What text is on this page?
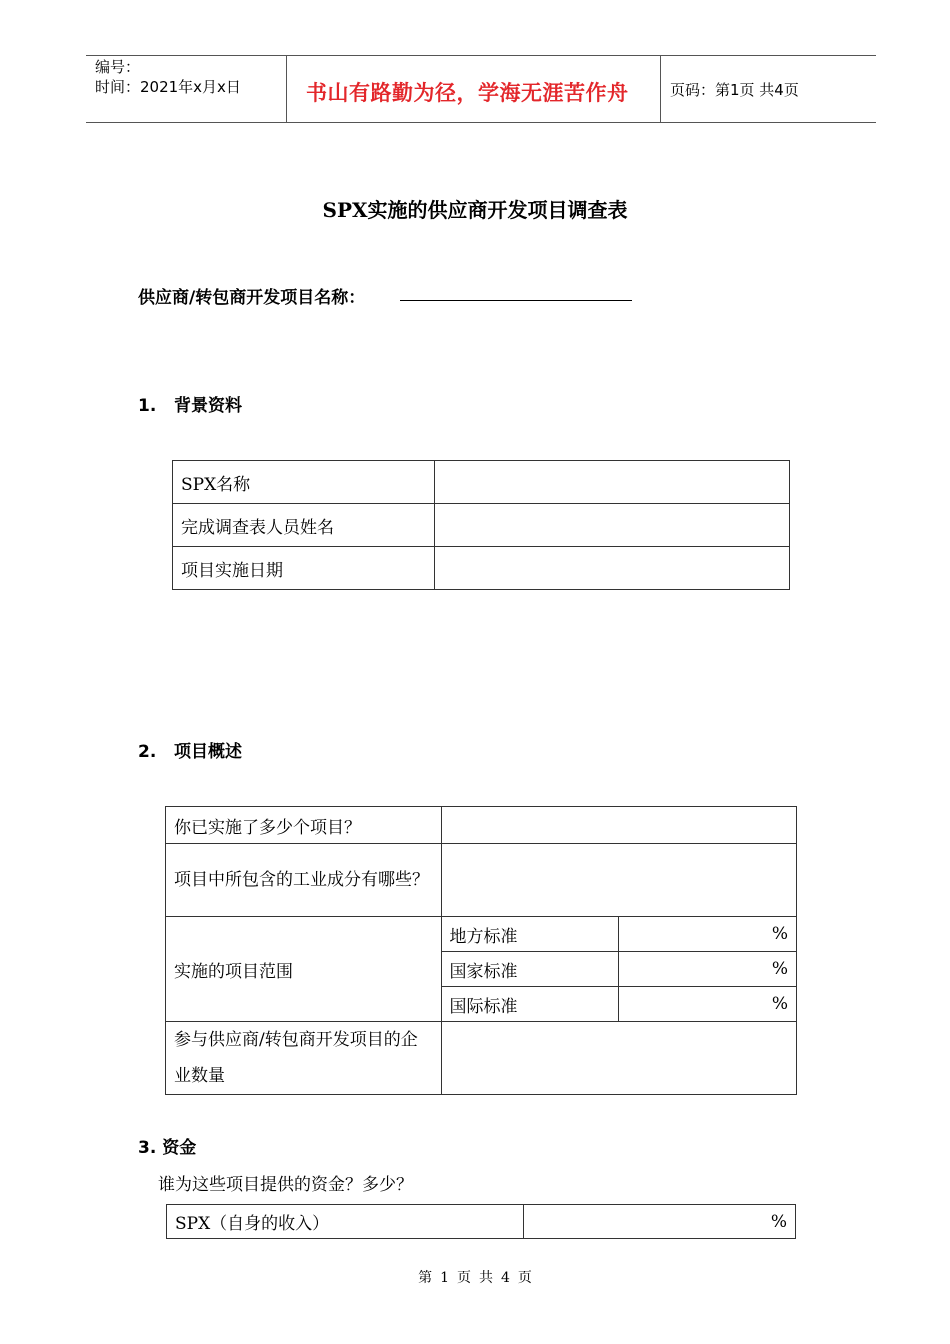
编号：
时间：2021年x月x日	书山有路勤为径，学海无涯苦作舟	页码：第1页 共4页
SPX实施的供应商开发项目调查表
供应商/转包商开发项目名称：
1.   背景资料
SPX名称	
完成调查表人员姓名	
项目实施日期	
2.   项目概述
你已实施了多少个项目？		
项目中所包含的工业成分有哪些？		
实施的项目范围	地方标准	%
	国家标准	%
	国际标准	%
参与供应商/转包商开发项目的企业数量		
3. 资金
谁为这些项目提供的资金？多少？
SPX（自身的收入）	%
第 1 页 共 4 页
